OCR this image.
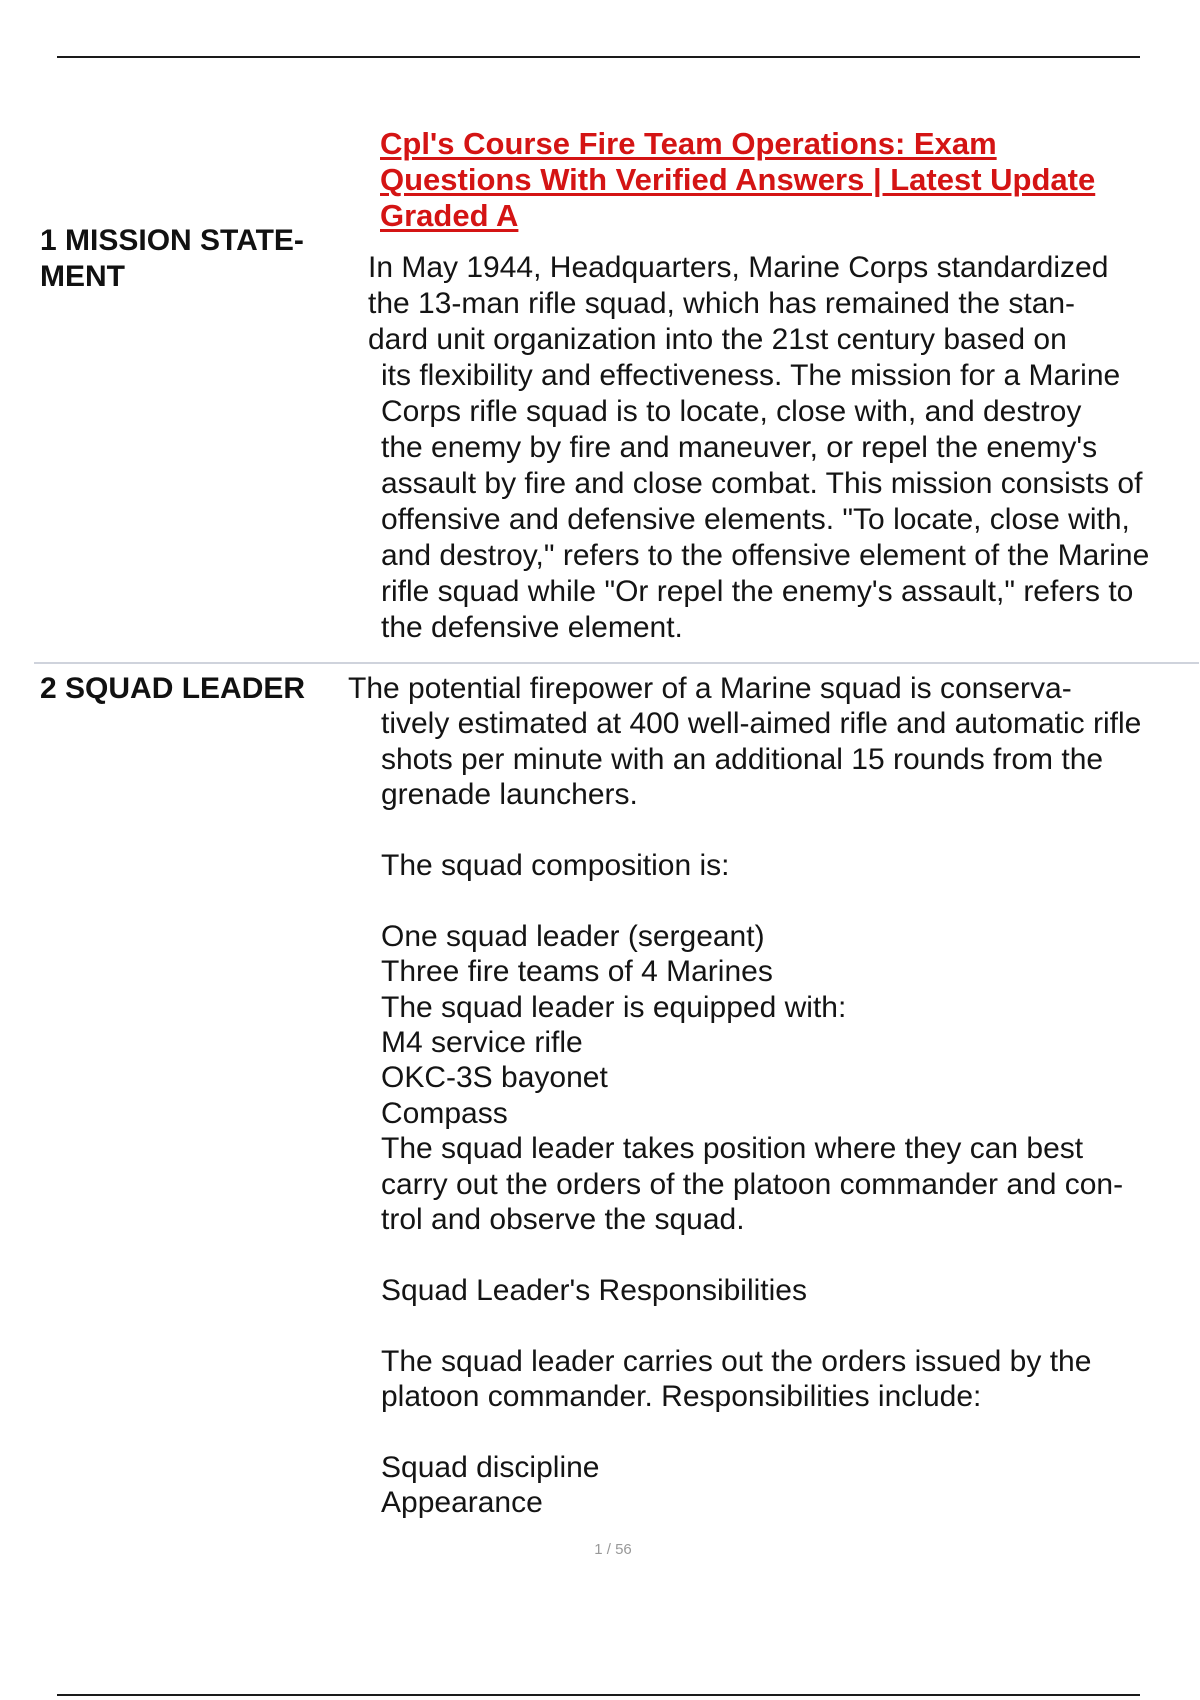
Cpl's Course Fire Team Operations: Exam
Questions With Verified Answers | Latest Update
Graded A
1 MISSION STATE-
MENT	In May 1944, Headquarters, Marine Corps standardized
the 13-man rifle squad, which has remained the stan-
dard unit organization into the 21st century based on
its flexibility and effectiveness. The mission for a Marine
Corps rifle squad is to locate, close with, and destroy
the enemy by fire and maneuver, or repel the enemy's
assault by fire and close combat. This mission consists of
offensive and defensive elements. "To locate, close with,
and destroy," refers to the offensive element of the Marine
rifle squad while "Or repel the enemy's assault," refers to
the defensive element.
2 SQUAD LEADER The potential firepower of a Marine squad is conserva-
tively estimated at 400 well-aimed rifle and automatic rifle
shots per minute with an additional 15 rounds from the
grenade launchers.
The squad composition is:
One squad leader (sergeant)
Three fire teams of 4 Marines
The squad leader is equipped with:
M4 service rifle
OKC-3S bayonet
Compass
The squad leader takes position where they can best
carry out the orders of the platoon commander and con-
trol and observe the squad.
Squad Leader's Responsibilities
The squad leader carries out the orders issued by the
platoon commander. Responsibilities include:
Squad discipline
Appearance

1 / 56
